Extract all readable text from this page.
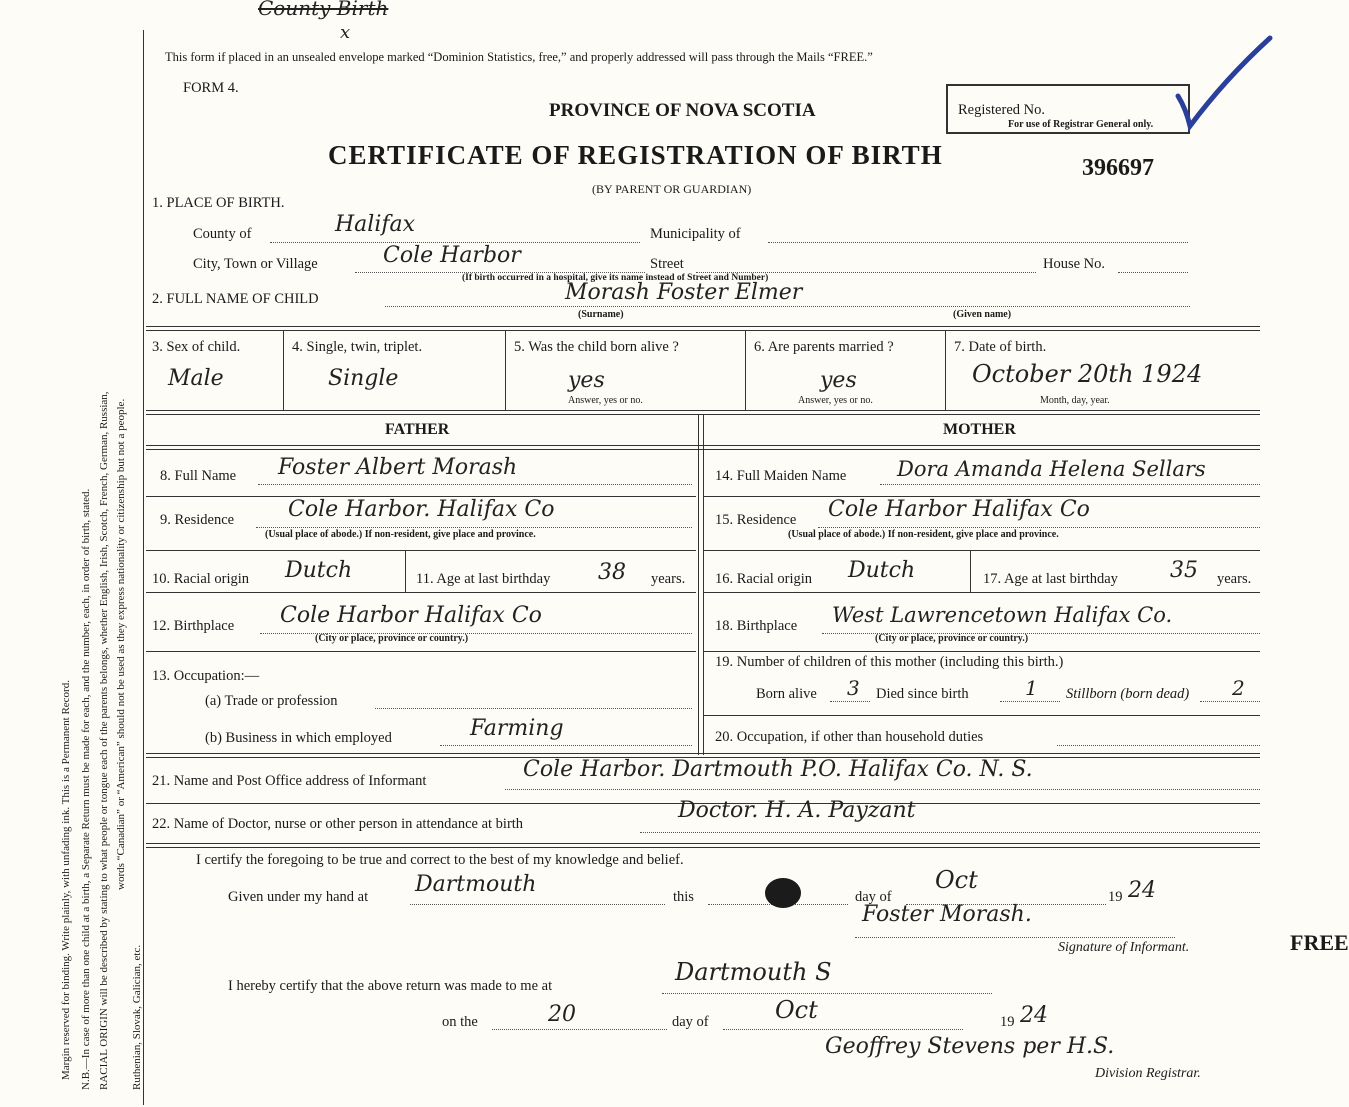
Margin reserved for binding. Write plainly, with unfading ink. This is a Permanent Record. N.B.—In case of more than one child at a birth, a Separate Return must be made for each, and the number, each, in order of birth, stated. RACIAL ORIGIN will be described by stating to what people or tongue each of the parents belongs, whether English, Irish, Scotch, French, German, Russian, words “Canadian” or “American” should not be used as they express nationality or citizenship but not a people.
Ruthenian, Slovak, Galician, etc.
County Birth
x
This form if placed in an unsealed envelope marked “Dominion Statistics, free,” and properly addressed will pass through the Mails “FREE.”
FORM 4.
PROVINCE OF NOVA SCOTIA	Registered No.
For use of Registrar General only.
CERTIFICATE OF REGISTRATION OF BIRTH	396697
(BY PARENT OR GUARDIAN)
1. PLACE OF BIRTH.
County of	Halifax	Municipality of
City, Town or Village	Cole Harbor	Street	House No.
(If birth occurred in a hospital, give its name instead of Street and Number)
2. FULL NAME OF CHILD	Morash Foster Elmer
(Surname)	(Given name)
3. Sex of child.
Male
4. Single, twin, triplet.
Single
5. Was the child born alive ?
yes
Answer, yes or no.
6. Are parents married ?
yes
Answer, yes or no.
7. Date of birth.
October 20th 1924
Month, day, year.
FATHER	MOTHER
8. Full Name Foster Albert Morash
9. Residence Cole Harbor. Halifax Co
(Usual place of abode.) If non-resident, give place and province.
10. Racial origin Dutch	11. Age at last birthday 38 years.
12. Birthplace Cole Harbor Halifax Co
(City or place, province or country.)
13. Occupation:—
(a) Trade or profession
(b) Business in which employed	Farming
14. Full Maiden Name Dora Amanda Helena Sellars
15. Residence Cole Harbor Halifax Co
(Usual place of abode.) If non-resident, give place and province.
16. Racial origin Dutch	17. Age at last birthday 35 years.
18. Birthplace West Lawrencetown Halifax Co.
(City or place, province or country.)
19. Number of children of this mother (including this birth.)
Born alive 3 Died since birth	1 Stillborn (born dead) 2
20. Occupation, if other than household duties
21. Name and Post Office address of Informant	Cole Harbor. Dartmouth P.O. Halifax Co. N. S.
22. Name of Doctor, nurse or other person in attendance at birth
Doctor. H. A. Payzant
I certify the foregoing to be true and correct to the best of my knowledge and belief.
Given under my hand at Dartmouth	this	day of
Oct
19 24
Foster Morash.
Signature of Informant.
I hereby certify that the above return was made to me at	Dartmouth S
on the	20	day of	Oct	19 24
Geoffrey Stevens per H.S.
Division Registrar.
FREE
